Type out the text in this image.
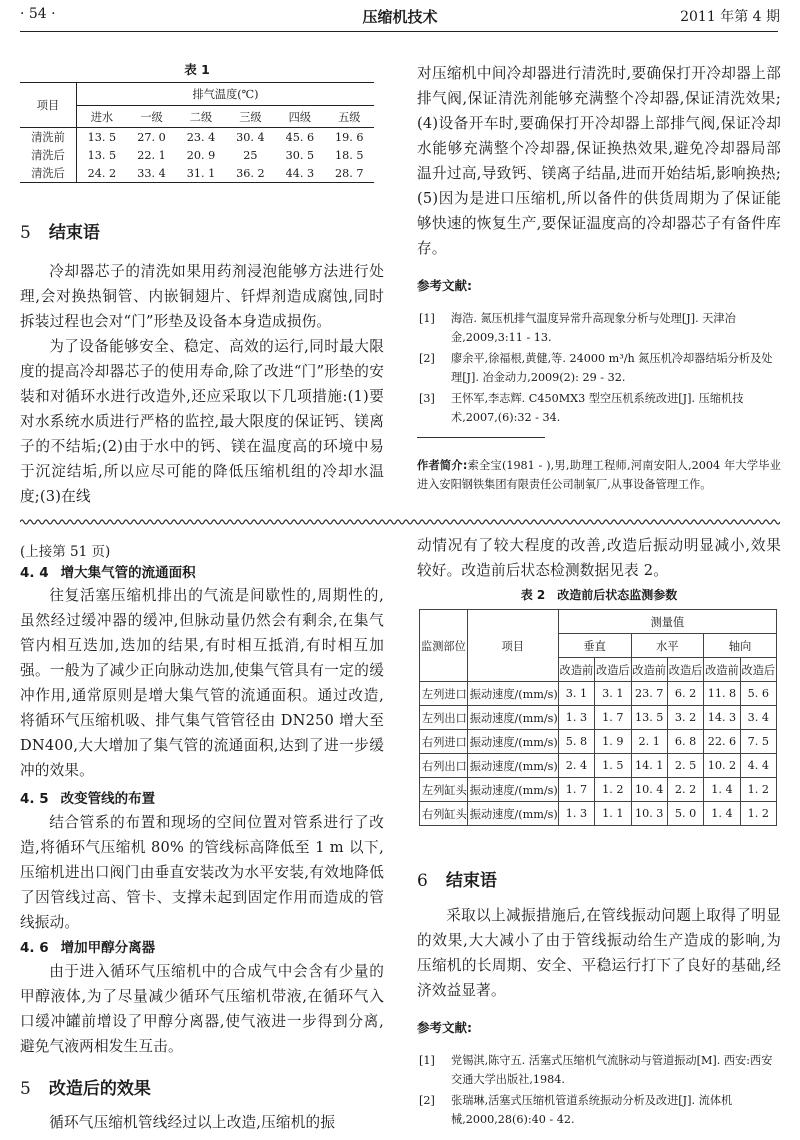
· 54 ·	压缩机技术	2011 年第 4 期
表 1
项目	排气温度(℃)					
	进水	一级	二级	三级	四级	五级
清洗前	13. 5	27. 0	23. 4	30. 4	45. 6	19. 6
清洗后	13. 5	22. 1	20. 9	25	30. 5	18. 5
清洗后	24. 2	33. 4	31. 1	36. 2	44. 3	28. 7
5 结束语

冷却器芯子的清洗如果用药剂浸泡能够方法进行处理,会对换热铜管、内嵌铜翅片、钎焊剂造成腐蚀,同时拆装过程也会对“门”形垫及设备本身造成损伤。

为了设备能够安全、稳定、高效的运行,同时最大限度的提高冷却器芯子的使用寿命,除了改进“门”形垫的安装和对循环水进行改造外,还应采取以下几项措施:(1)要对水系统水质进行严格的监控,最大限度的保证钙、镁离子的不结垢;(2)由于水中的钙、镁在温度高的环境中易于沉淀结垢,所以应尽可能的降低压缩机组的冷却水温度;(3)在线

对压缩机中间冷却器进行清洗时,要确保打开冷却器上部排气阀,保证清洗剂能够充满整个冷却器,保证清洗效果;(4)设备开车时,要确保打开冷却器上部排气阀,保证冷却水能够充满整个冷却器,保证换热效果,避免冷却器局部温升过高,导致钙、镁离子结晶,进而开始结垢,影响换热;(5)因为是进口压缩机,所以备件的供货周期为了保证能够快速的恢复生产,要保证温度高的冷却器芯子有备件库存。

参考文献:
[1]	海浩. 氮压机排气温度异常升高现象分析与处理[J]. 天津冶金,2009,3:11 - 13.
[2]	廖余平,徐福根,黄健,等. 24000 m³/h 氮压机冷却器结垢分析及处理[J]. 冶金动力,2009(2): 29 - 32.
[3]	王怀军,李志辉. C450MX3 型空压机系统改进[J]. 压缩机技术,2007,(6):32 - 34.
作者简介:索全宝(1981 - ),男,助理工程师,河南安阳人,2004 年大学毕业进入安阳钢铁集团有限责任公司制氧厂,从事设备管理工作。
(上接第 51 页)
4. 4 增大集气管的流通面积

往复活塞压缩机排出的气流是间歇性的,周期性的,虽然经过缓冲器的缓冲,但脉动量仍然会有剩余,在集气管内相互迭加,迭加的结果,有时相互抵消,有时相互加强。一般为了减少正向脉动迭加,使集气管具有一定的缓冲作用,通常原则是增大集气管的流通面积。通过改造,将循环气压缩机吸、排气集气管管径由 DN250 增大至 DN400,大大增加了集气管的流通面积,达到了进一步缓冲的效果。

4. 5 改变管线的布置

结合管系的布置和现场的空间位置对管系进行了改造,将循环气压缩机 80% 的管线标高降低至 1 m 以下,压缩机进出口阀门由垂直安装改为水平安装,有效地降低了因管线过高、管卡、支撑未起到固定作用而造成的管线振动。

4. 6 增加甲醇分离器

由于进入循环气压缩机中的合成气中会含有少量的甲醇液体,为了尽量减少循环气压缩机带液,在循环气入口缓冲罐前增设了甲醇分离器,使气液进一步得到分离,避免气液两相发生互击。

5 改造后的效果

循环气压缩机管线经过以上改造,压缩机的振

动情况有了较大程度的改善,改造后振动明显减小,效果较好。改造前后状态检测数据见表 2。

表 2　改造前后状态监测参数
监测部位	项目	测量值					
		垂直		水平		轴向	
		改造前	改造后	改造前	改造后	改造前	改造后
左列进口	振动速度/(mm/s)	3. 1	3. 1	23. 7	6. 2	11. 8	5. 6
左列出口	振动速度/(mm/s)	1. 3	1. 7	13. 5	3. 2	14. 3	3. 4
右列进口	振动速度/(mm/s)	5. 8	1. 9	2. 1	6. 8	22. 6	7. 5
右列出口	振动速度/(mm/s)	2. 4	1. 5	14. 1	2. 5	10. 2	4. 4
左列缸头	振动速度/(mm/s)	1. 7	1. 2	10. 4	2. 2	1. 4	1. 2
右列缸头	振动速度/(mm/s)	1. 3	1. 1	10. 3	5. 0	1. 4	1. 2
6 结束语

采取以上减振措施后,在管线振动问题上取得了明显的效果,大大减小了由于管线振动给生产造成的影响,为压缩机的长周期、安全、平稳运行打下了良好的基础,经济效益显著。

参考文献:
[1]	党锡淇,陈守五. 活塞式压缩机气流脉动与管道振动[M]. 西安:西安交通大学出版社,1984.
[2]	张瑞琳,活塞式压缩机管道系统振动分析及改进[J]. 流体机械,2000,28(6):40 - 42.
